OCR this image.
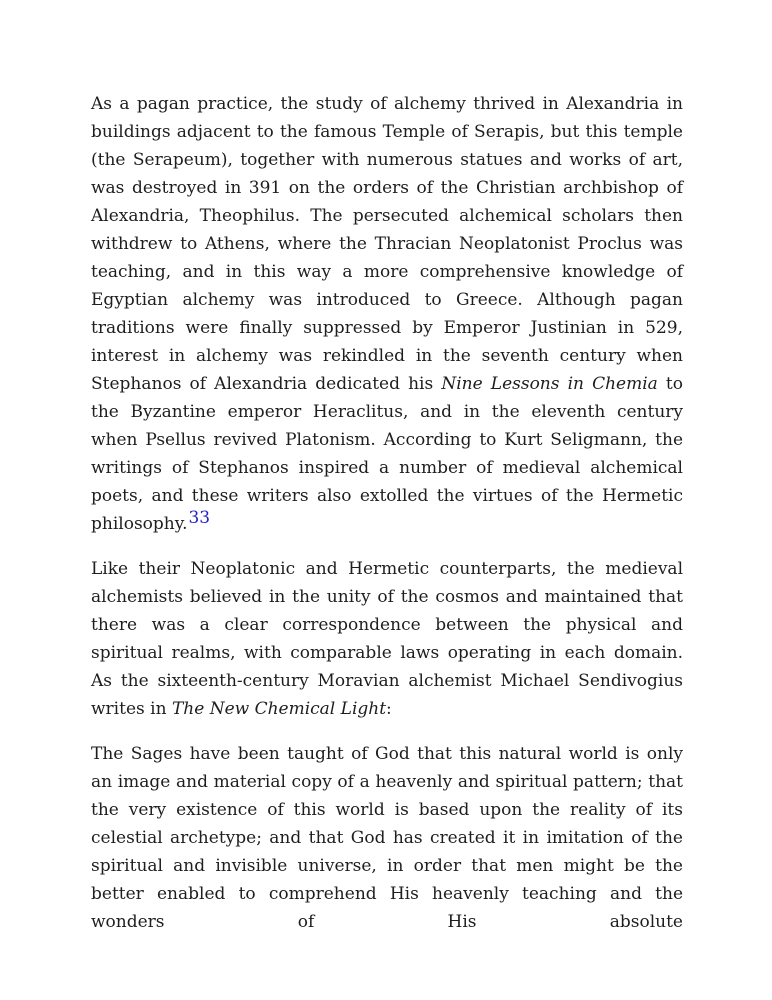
As a pagan practice, the study of alchemy thrived in Alexandria in buildings adjacent to the famous Temple of Serapis, but this temple (the Serapeum), together with numerous statues and works of art, was destroyed in 391 on the orders of the Christian archbishop of Alexandria, Theophilus. The persecuted alchemical scholars then withdrew to Athens, where the Thracian Neoplatonist Proclus was teaching, and in this way a more comprehensive knowledge of Egyptian alchemy was introduced to Greece. Although pagan traditions were finally suppressed by Emperor Justinian in 529, interest in alchemy was rekindled in the seventh century when Stephanos of Alexandria dedicated his Nine Lessons in Chemia to the Byzantine emperor Heraclitus, and in the eleventh century when Psellus revived Platonism. According to Kurt Seligmann, the writings of Stephanos inspired a number of medieval alchemical poets, and these writers also extolled the virtues of the Hermetic philosophy.33

Like their Neoplatonic and Hermetic counterparts, the medieval alchemists believed in the unity of the cosmos and maintained that there was a clear correspondence between the physical and spiritual realms, with comparable laws operating in each domain. As the sixteenth-century Moravian alchemist Michael Sendivogius writes in The New Chemical Light:

The Sages have been taught of God that this natural world is only an image and material copy of a heavenly and spiritual pattern; that the very existence of this world is based upon the reality of its celestial archetype; and that God has created it in imitation of the spiritual and invisible universe, in order that men might be the better enabled to comprehend His heavenly teaching and the wonders of His absolute
